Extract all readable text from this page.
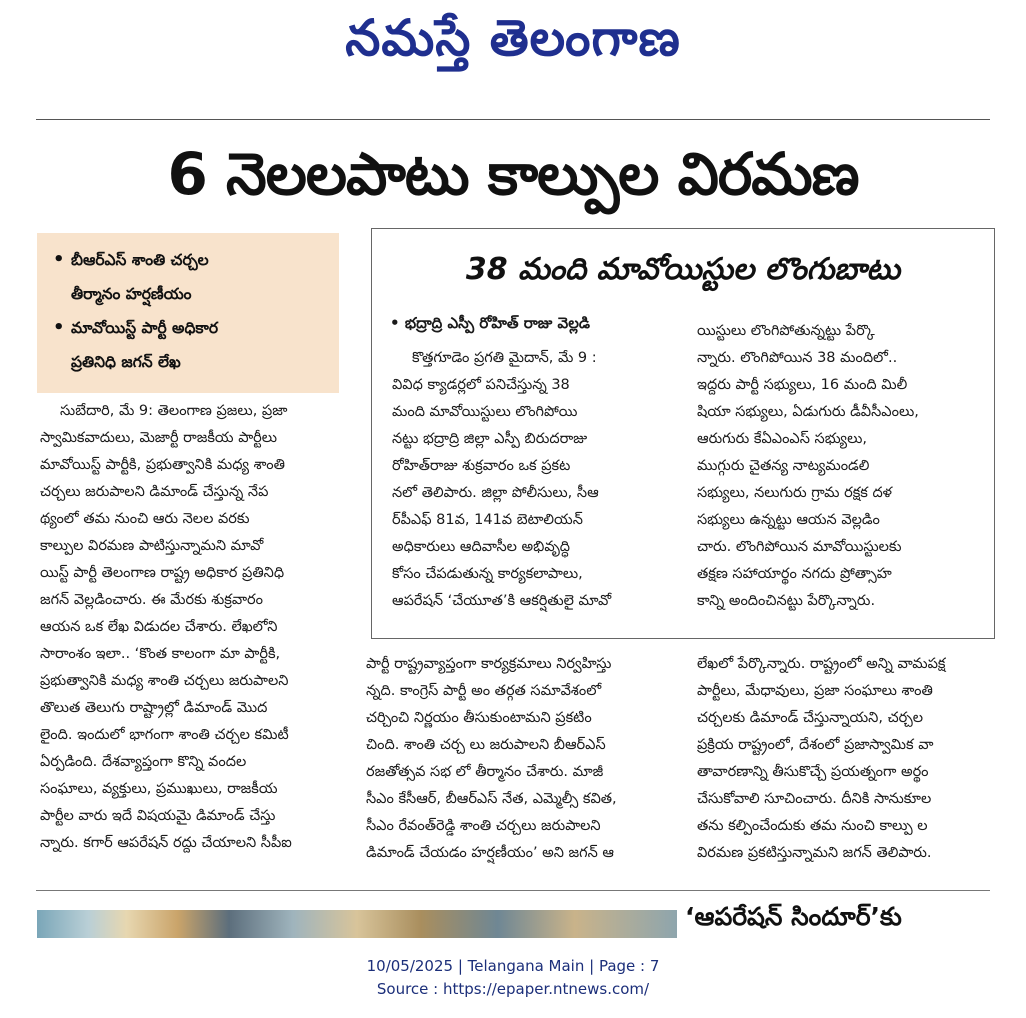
నమస్తే తెలంగాణ
6 నెలలపాటు కాల్పుల విరమణ
• బీఆర్ఎస్ శాంతి చర్చల
తీర్మానం హర్షణీయం
• మావోయిస్ట్ పార్టీ అధికార
ప్రతినిధి జగన్ లేఖ
38 మంది మావోయిస్టుల లొంగుబాటు
• భద్రాద్రి ఎస్పీ రోహిత్ రాజు వెల్లడి

కొత్తగూడెం ప్రగతి మైదాన్, మే 9 :

వివిధ క్యాడర్లలో పనిచేస్తున్న 38

మంది మావోయిస్టులు లొంగిపోయి

నట్టు భద్రాద్రి జిల్లా ఎస్పీ బిరుదరాజు

రోహిత్‌రాజు శుక్రవారం ఒక ప్రకట

నలో తెలిపారు. జిల్లా పోలీసులు, సీఆ

ర్‌పీఎఫ్ 81వ, 141వ బెటాలియన్

అధికారులు ఆదివాసీల అభివృద్ధి

కోసం చేపడుతున్న కార్యకలాపాలు,

ఆపరేషన్ ‘చేయూత’కి ఆకర్షితులై మావో

యిస్టులు లొంగిపోతున్నట్టు పేర్కొ

న్నారు. లొంగిపోయిన 38 మందిలో..

ఇద్దరు పార్టీ సభ్యులు, 16 మంది మిలీ

షియా సభ్యులు, ఏడుగురు డీవీసీఎంలు,

ఆరుగురు కేఏఎంఎస్ సభ్యులు,

ముగ్గురు చైతన్య నాట్యమండలి

సభ్యులు, నలుగురు గ్రామ రక్షక దళ

సభ్యులు ఉన్నట్టు ఆయన వెల్లడిం

చారు. లొంగిపోయిన మావోయిస్టులకు

తక్షణ సహాయార్థం నగదు ప్రోత్సాహ

కాన్ని అందించినట్టు పేర్కొన్నారు.

సుబేదారి, మే 9: తెలంగాణ ప్రజలు, ప్రజా

స్వామికవాదులు, మెజార్టీ రాజకీయ పార్టీలు

మావోయిస్ట్ పార్టీకి, ప్రభుత్వానికి మధ్య శాంతి

చర్చలు జరుపాలని డిమాండ్ చేస్తున్న నేప

థ్యంలో తమ నుంచి ఆరు నెలల వరకు

కాల్పుల విరమణ పాటిస్తున్నామని మావో

యిస్ట్ పార్టీ తెలంగాణ రాష్ట్ర అధికార ప్రతినిధి

జగన్ వెల్లడించారు. ఈ మేరకు శుక్రవారం

ఆయన ఒక లేఖ విడుదల చేశారు. లేఖలోని

సారాంశం ఇలా.. ‘కొంత కాలంగా మా పార్టీకి,

ప్రభుత్వానికి మధ్య శాంతి చర్చలు జరుపాలని

తొలుత తెలుగు రాష్ట్రాల్లో డిమాండ్ మొద

లైంది. ఇందులో భాగంగా శాంతి చర్చల కమిటీ

ఏర్పడింది. దేశవ్యాప్తంగా కొన్ని వందల

సంఘాలు, వ్యక్తులు, ప్రముఖులు, రాజకీయ

పార్టీల వారు ఇదే విషయమై డిమాండ్ చేస్తు

న్నారు. కగార్ ఆపరేషన్ రద్దు చేయాలని సీపీఐ

పార్టీ రాష్ట్రవ్యాప్తంగా కార్యక్రమాలు నిర్వహిస్తు

న్నది. కాంగ్రెస్ పార్టీ అం తర్గత సమావేశంలో

చర్చించి నిర్ణయం తీసుకుంటామని ప్రకటిం

చింది. శాంతి చర్చ లు జరుపాలని బీఆర్ఎస్

రజతోత్సవ సభ లో తీర్మానం చేశారు. మాజీ

సీఎం కేసీఆర్, బీఆర్ఎస్ నేత, ఎమ్మెల్సీ కవిత,

సీఎం రేవంత్‌రెడ్డి శాంతి చర్చలు జరుపాలని

డిమాండ్ చేయడం హర్షణీయం’ అని జగన్ ఆ

లేఖలో పేర్కొన్నారు. రాష్ట్రంలో అన్ని వామపక్ష

పార్టీలు, మేధావులు, ప్రజా సంఘాలు శాంతి

చర్చలకు డిమాండ్ చేస్తున్నాయని, చర్చల

ప్రక్రియ రాష్ట్రంలో, దేశంలో ప్రజాస్వామిక వా

తావారణాన్ని తీసుకొచ్చే ప్రయత్నంగా అర్థం

చేసుకోవాలి సూచించారు. దీనికి సానుకూల

తను కల్పించేందుకు తమ నుంచి కాల్పు ల

విరమణ ప్రకటిస్తున్నామని జగన్ తెలిపారు.

‘ఆపరేషన్ సిందూర్’కు
10/05/2025 | Telangana Main | Page : 7
Source : https://epaper.ntnews.com/
